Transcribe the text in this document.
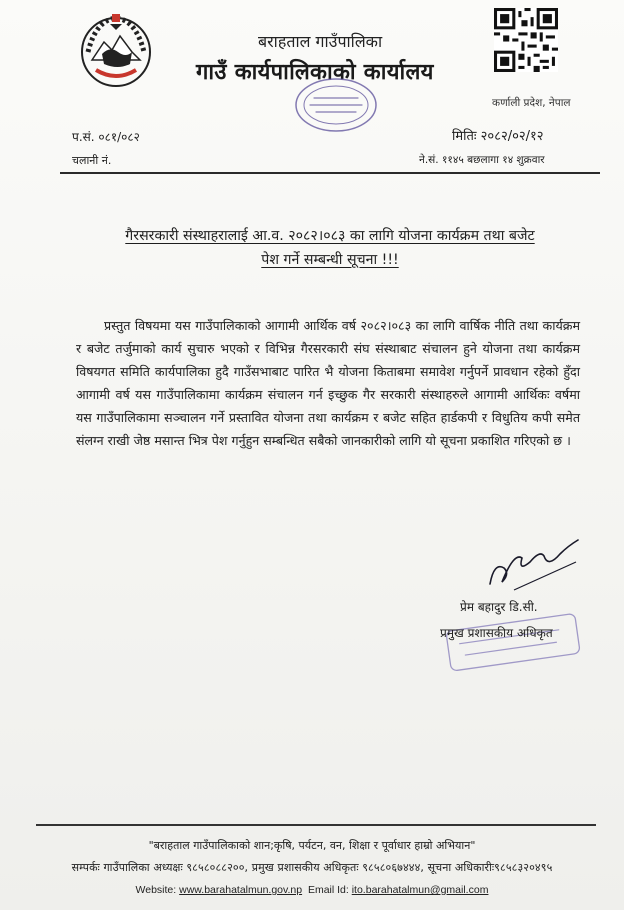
बराहताल गाउँपालिका
गाउँ कार्यपालिकाको कार्यालय
कर्णाली प्रदेश, नेपाल
प.सं. ०८१/०८२
चलानी नं.
मितिः २०८२/०२/१२
ने.सं. ११४५ बछलागा १४ शुक्रवार
गैरसरकारी संस्थाहरालाई आ.व. २०८२।०८३ का लागि योजना कार्यक्रम तथा बजेट
पेश गर्ने सम्बन्धी सूचना !!!
प्रस्तुत विषयमा यस गाउँपालिकाको आगामी आर्थिक वर्ष २०८२।०८३ का लागि वार्षिक नीति तथा कार्यक्रम र बजेट तर्जुमाको कार्य सुचारु भएको र विभिन्न गैरसरकारी संघ संस्थाबाट संचालन हुने योजना तथा कार्यक्रम विषयगत समिति कार्यपालिका हुदै गाउँसभाबाट पारित भै योजना किताबमा समावेश गर्नुपर्ने प्रावधान रहेको हुँदा आगामी वर्ष यस गाउँपालिकामा कार्यक्रम संचालन गर्न इच्छुक गैर सरकारी संस्थाहरुले आगामी आर्थिकः वर्षमा यस गाउँपालिकामा सञ्चालन गर्ने प्रस्तावित योजना तथा कार्यक्रम र बजेट सहित हार्डकपी र विधुतिय कपी समेत संलग्न राखी जेष्ठ मसान्त भित्र पेश गर्नुहुन सम्बन्धित सबैको जानकारीको लागि यो सूचना प्रकाशित गरिएको छ ।
प्रेम बहादुर डि.सी.
प्रमुख प्रशासकीय अधिकृत
"बराहताल गाउँपालिकाको शान;कृषि, पर्यटन, वन, शिक्षा र पूर्वाधार हाम्रो अभियान"
सम्पर्कः गाउँपालिका अध्यक्षः ९८५८०८८२००, प्रमुख प्रशासकीय अधिकृतः ९८५८०६७४४४, सूचना अधिकारीः९८५८३२०४९५
Website: www.barahatalmun.gov.np Email Id: ito.barahatalmun@gmail.com
